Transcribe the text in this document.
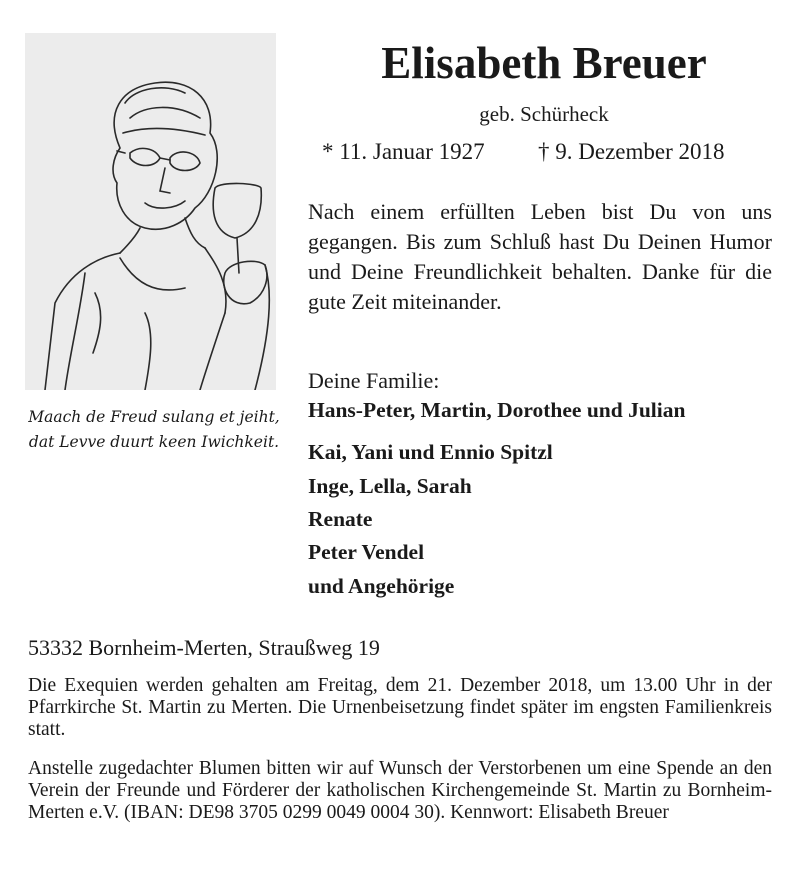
Maach de Freud sulang et jeiht,
dat Levve duurt keen Iwichkeit.
Elisabeth Breuer
geb. Schürheck
* 11. Januar 1927 † 9. Dezember 2018
Nach einem erfüllten Leben bist Du von uns gegangen. Bis zum Schluß hast Du Deinen Humor und Deine Freundlichkeit behalten. Danke für die gute Zeit miteinander.
Deine Familie:
Hans-Peter, Martin, Dorothee und Julian
Kai, Yani und Ennio Spitzl
Inge, Lella, Sarah
Renate
Peter Vendel
und Angehörige
53332 Bornheim-Merten, Straußweg 19
Die Exequien werden gehalten am Freitag, dem 21. Dezember 2018, um 13.00 Uhr in der Pfarrkirche St. Martin zu Merten. Die Urnenbeisetzung findet später im engsten Familienkreis statt.
Anstelle zugedachter Blumen bitten wir auf Wunsch der Verstorbenen um eine Spende an den Verein der Freunde und Förderer der katholischen Kirchengemeinde St. Martin zu Bornheim-Merten e.V. (IBAN: DE98 3705 0299 0049 0004 30). Kennwort: Elisabeth Breuer
